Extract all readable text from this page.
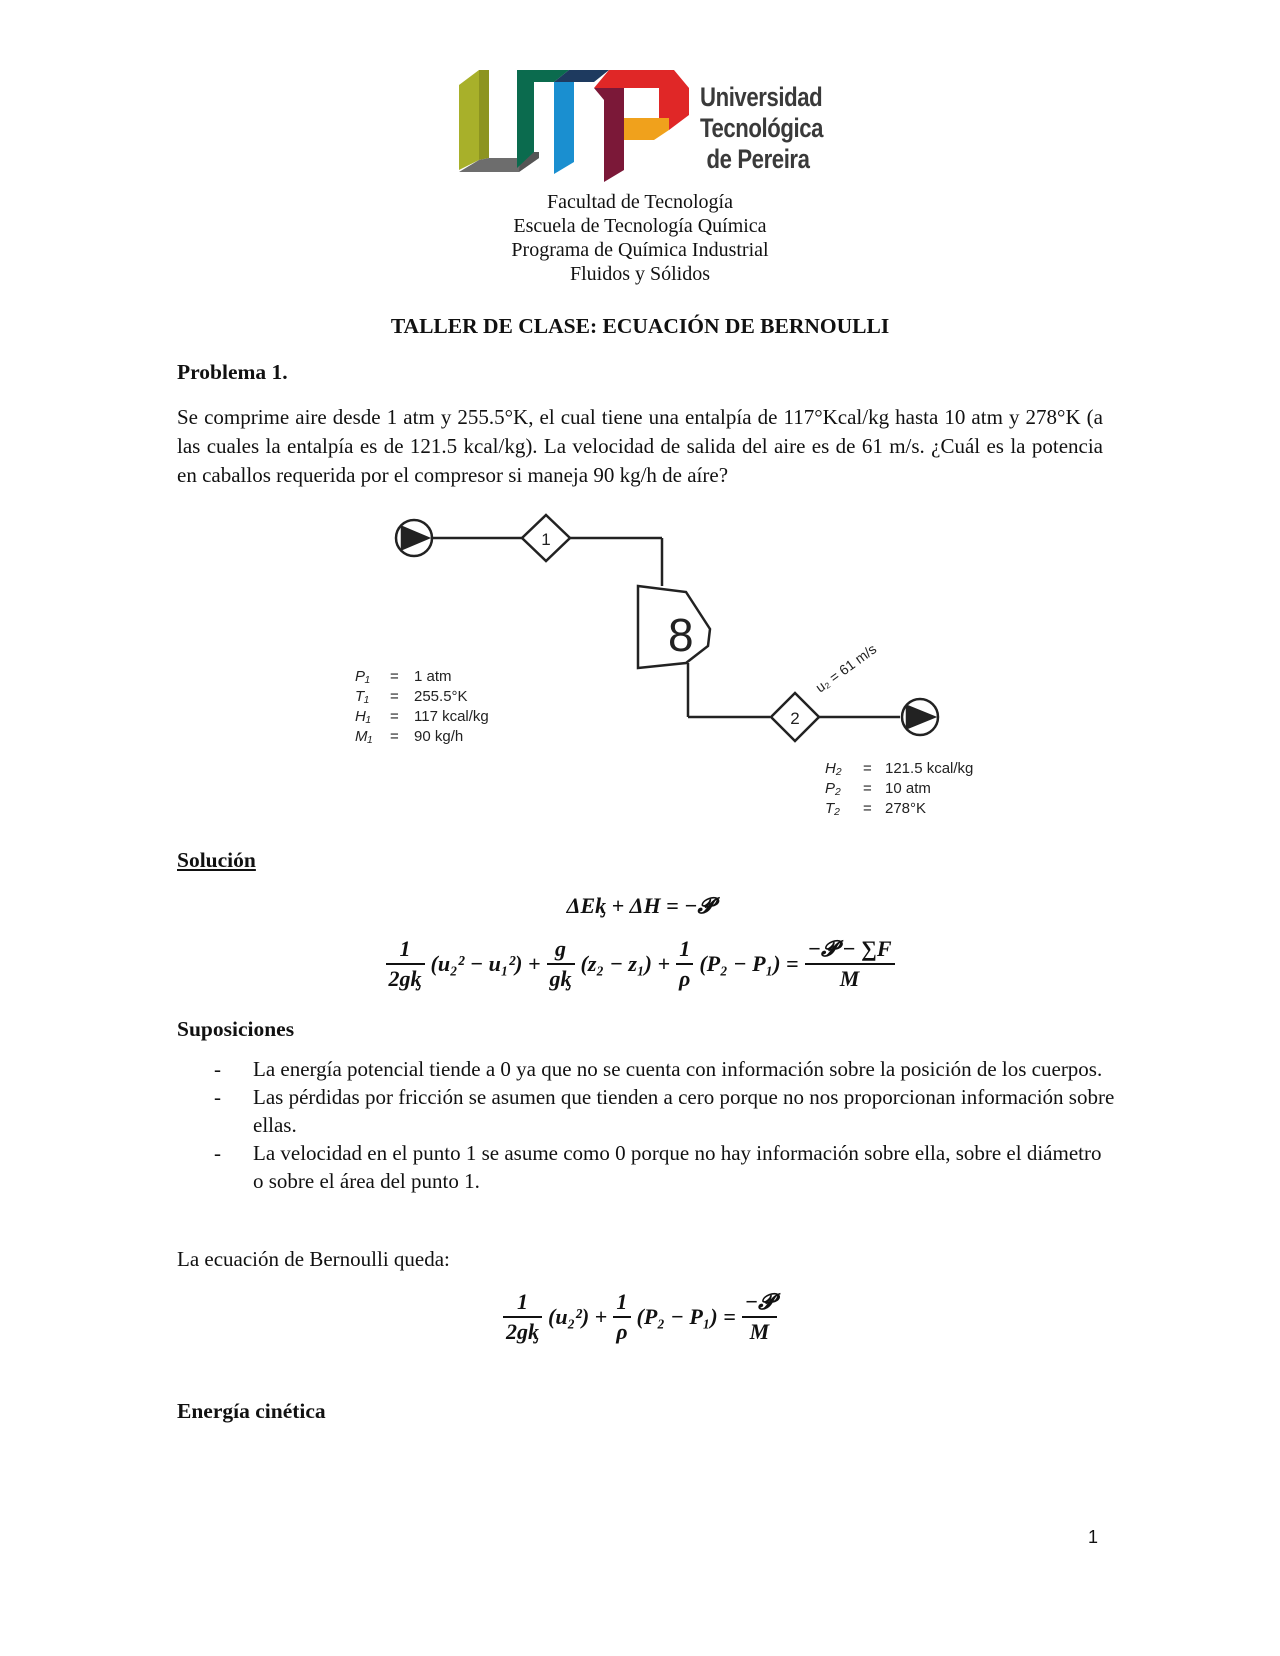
Universidad
Tecnológica
de Pereira
Facultad de Tecnología
Escuela de Tecnología Química
Programa de Química Industrial
Fluidos y Sólidos
TALLER DE CLASE: ECUACIÓN DE BERNOULLI
Problema 1.
Se comprime aire desde 1 atm y 255.5°K, el cual tiene una entalpía de 117°Kcal/kg hasta 10 atm y 278°K (a las cuales la entalpía es de 121.5 kcal/kg). La velocidad de salida del aire es de 61 m/s. ¿Cuál es la potencia en caballos requerida por el compresor si maneja 90 kg/h de aíre?
1
2
8
u₂ = 61 m/s
P₁ = 1 atm
T₁ = 255.5°K
H₁ = 117 kcal/kg
M₁ = 90 kg/h
H₂ = 121.5 kcal/kg
P₂ = 10 atm
T₂ = 278°K
Solución
ΔEᶄ + ΔH = −𝓟
$\frac{1}{\text{2gᶄ}} (u_2^2 - u_1^2) + \frac{g}{\text{gᶄ}} (z_2 - z_1) + \frac{1}{\rho} (P_2 - P_1) = \frac{\text{−𝓟 − ∑F}}{M}$
Suposiciones
-	La energía potencial tiende a 0 ya que no se cuenta con información sobre la posición de los cuerpos.
-	Las pérdidas por fricción se asumen que tienden a cero porque no nos proporcionan información sobre ellas.
-	La velocidad en el punto 1 se asume como 0 porque no hay información sobre ella, sobre el diámetro o sobre el área del punto 1.
La ecuación de Bernoulli queda:
$\frac{1}{\text{2gᶄ}} (u_2^2) + \frac{1}{\rho} (P_2 - P_1) = \frac{\text{−𝓟}}{M}$
Energía cinética
1
